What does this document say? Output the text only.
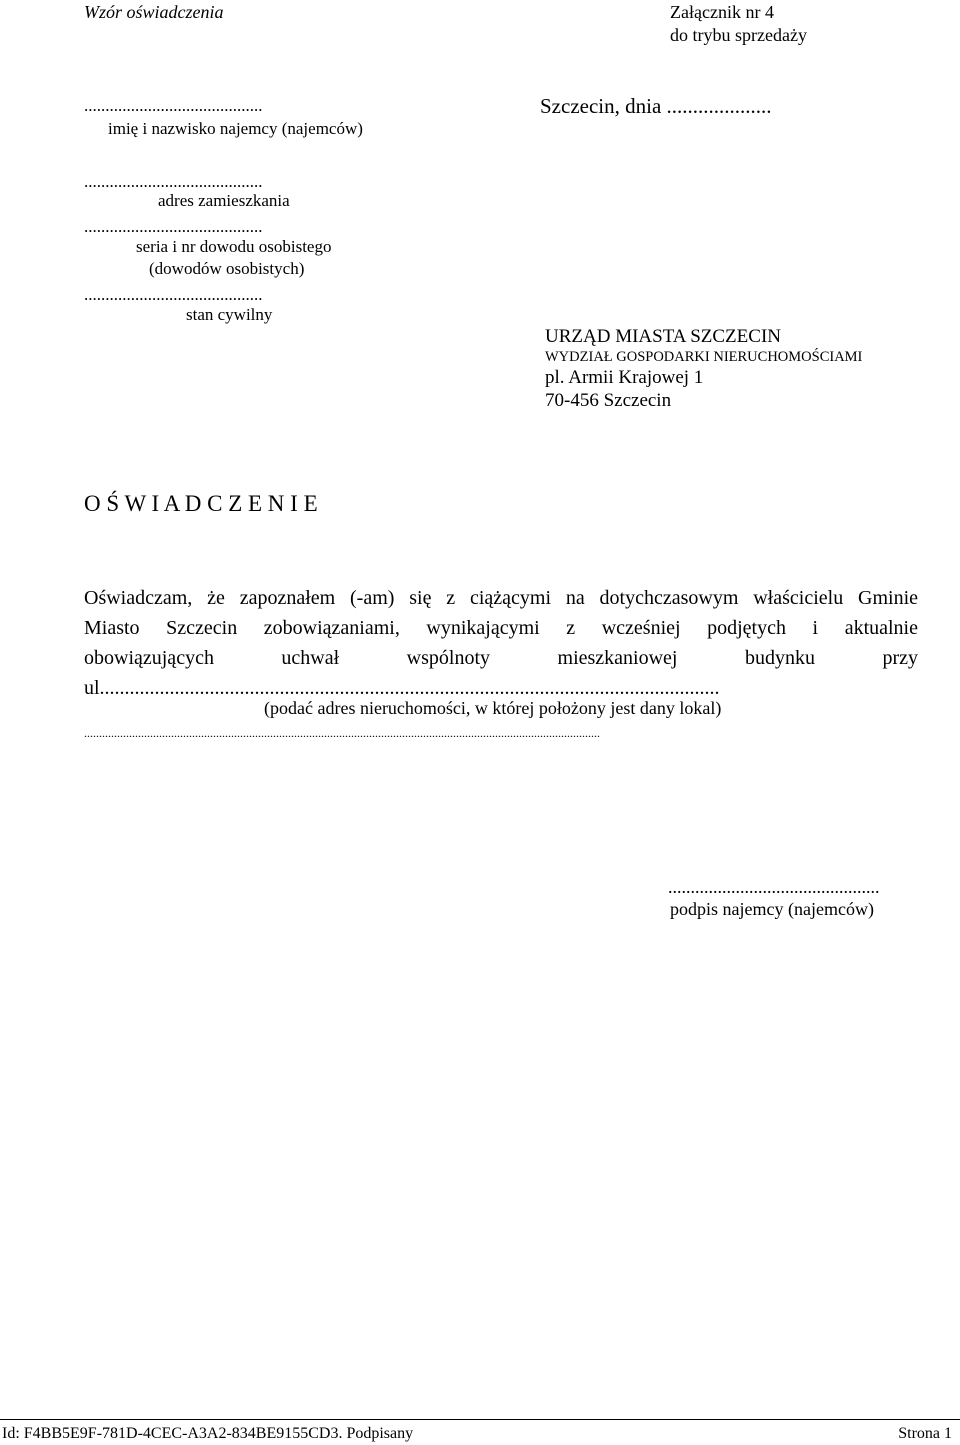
Wzór oświadczenia	Załącznik nr 4
do trybu sprzedaży
..........................................
imię i nazwisko najemcy (najemców)
..........................................
adres zamieszkania
..........................................
seria i nr dowodu osobistego
(dowodów osobistych)
..........................................
stan cywilny
Szczecin, dnia ....................
URZĄD MIASTA SZCZECIN
WYDZIAŁ GOSPODARKI NIERUCHOMOŚCIAMI
pl. Armii Krajowej 1
70-456 Szczecin
O Ś W I A D C Z E N I E
Oświadczam, że zapoznałem (-am) się z ciążącymi na dotychczasowym właścicielu Gminie
Miasto Szczecin zobowiązaniami, wynikającymi z wcześniej podjętych i aktualnie
obowiązujących uchwał wspólnoty mieszkaniowej budynku przy
ul............................................................................................................................
(podać adres nieruchomości, w której położony jest dany lokal)
............................................................................................................................................................................
...............................................
podpis najemcy (najemców)
Id: F4BB5E9F-781D-4CEC-A3A2-834BE9155CD3. Podpisany	Strona 1
